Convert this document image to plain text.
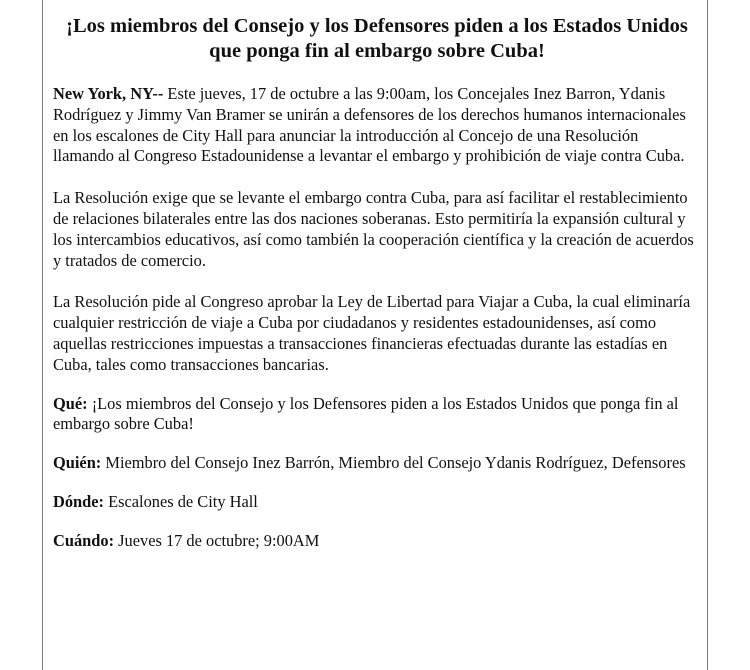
¡Los miembros del Consejo y los Defensores piden a los Estados Unidos que ponga fin al embargo sobre Cuba!

New York, NY-- Este jueves, 17 de octubre a las 9:00am, los Concejales Inez Barron, Ydanis Rodríguez y Jimmy Van Bramer se unirán a defensores de los derechos humanos internacionales en los escalones de City Hall para anunciar la introducción al Concejo de una Resolución llamando al Congreso Estadounidense a levantar el embargo y prohibición de viaje contra Cuba.

La Resolución exige que se levante el embargo contra Cuba, para así facilitar el restablecimiento de relaciones bilaterales entre las dos naciones soberanas. Esto permitiría la expansión cultural y los intercambios educativos, así como también la cooperación científica y la creación de acuerdos y tratados de comercio.

La Resolución pide al Congreso aprobar la Ley de Libertad para Viajar a Cuba, la cual eliminaría cualquier restricción de viaje a Cuba por ciudadanos y residentes estadounidenses, así como aquellas restricciones impuestas a transacciones financieras efectuadas durante las estadías en Cuba, tales como transacciones bancarias.

Qué: ¡Los miembros del Consejo y los Defensores piden a los Estados Unidos que ponga fin al embargo sobre Cuba!

Quién: Miembro del Consejo Inez Barrón, Miembro del Consejo Ydanis Rodríguez, Defensores

Dónde: Escalones de City Hall

Cuándo: Jueves 17 de octubre; 9:00AM
